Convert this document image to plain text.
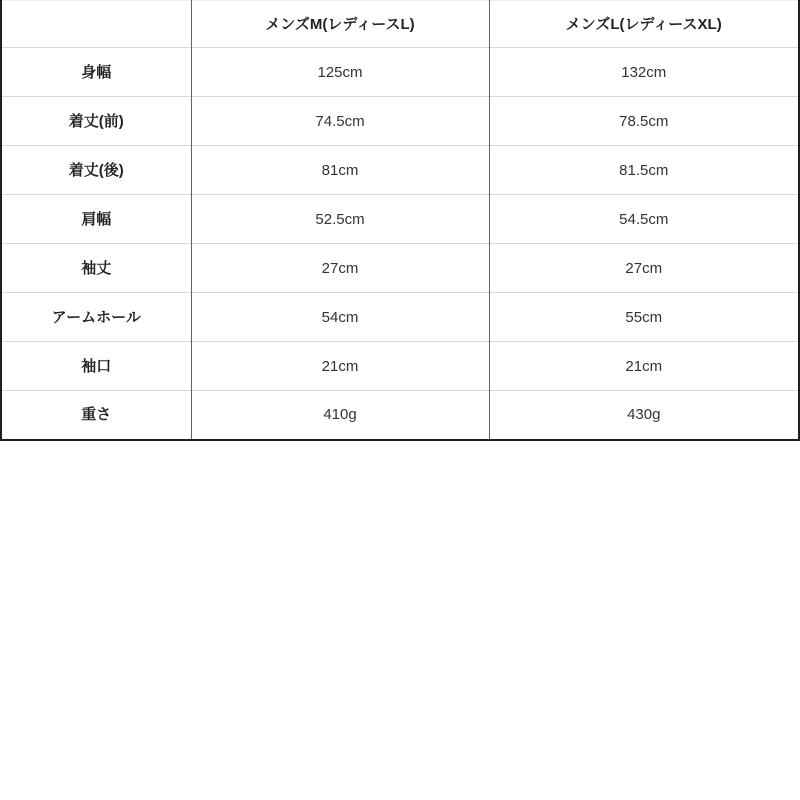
	メンズM(レディースL)	メンズL(レディースXL)
身幅	125cm	132cm
着丈(前)	74.5cm	78.5cm
着丈(後)	81cm	81.5cm
肩幅	52.5cm	54.5cm
袖丈	27cm	27cm
アームホール	54cm	55cm
袖口	21cm	21cm
重さ	410g	430g
